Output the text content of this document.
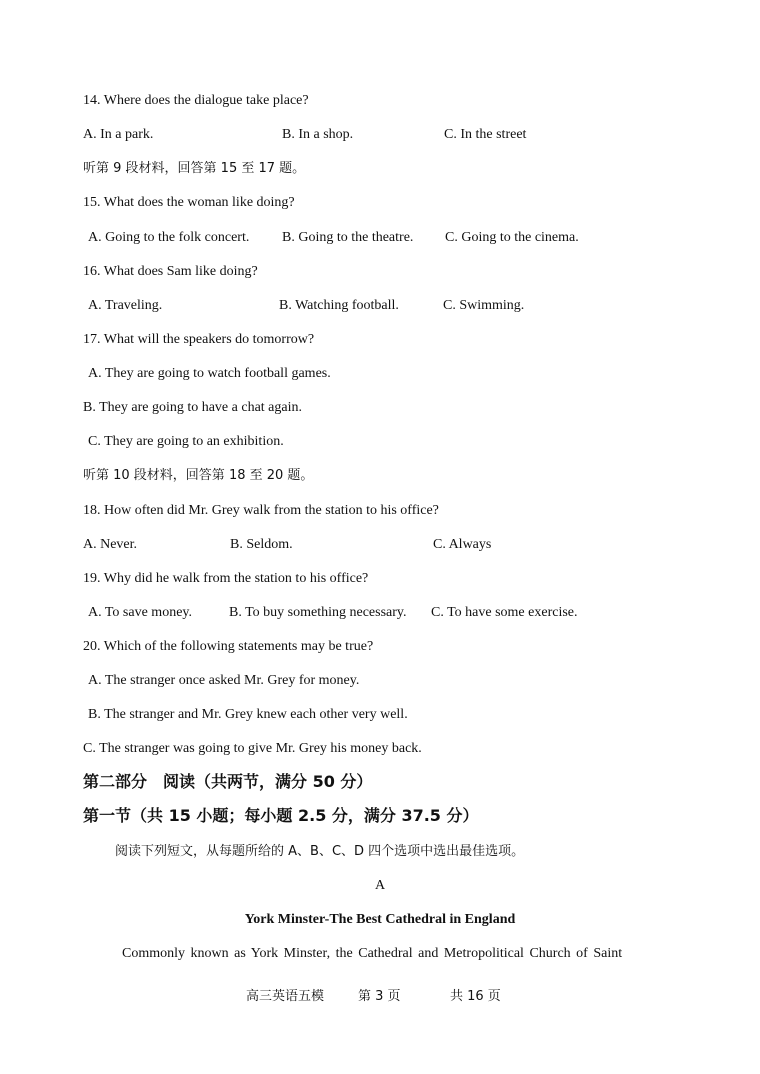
14. Where does the dialogue take place?
A. In a park.	B. In a shop.	C. In the street
听第 9 段材料，回答第 15 至 17 题。
15. What does the woman like doing?
A. Going to the folk concert. B. Going to the theatre. C. Going to the cinema.
16. What does Sam like doing?
A. Traveling.	B. Watching football.	C. Swimming.
17. What will the speakers do tomorrow?
A. They are going to watch football games.
B. They are going to have a chat again.
C. They are going to an exhibition.
听第 10 段材料，回答第 18 至 20 题。
18. How often did Mr. Grey walk from the station to his office?
A. Never.	B. Seldom.	C. Always
19. Why did he walk from the station to his office?
A. To save money.	B. To buy something necessary. C. To have some exercise.
20. Which of the following statements may be true?
A. The stranger once asked Mr. Grey for money.
B. The stranger and Mr. Grey knew each other very well.
C. The stranger was going to give Mr. Grey his money back.
第二部分　阅读（共两节，满分 50 分）
第一节（共 15 小题；每小题 2.5 分，满分 37.5 分）
阅读下列短文，从每题所给的 A、B、C、D 四个选项中选出最佳选项。
A
York Minster-The Best Cathedral in England
Commonly known as York Minster, the Cathedral and Metropolitical Church of Saint
高三英语五模	第 3 页	共 16 页
